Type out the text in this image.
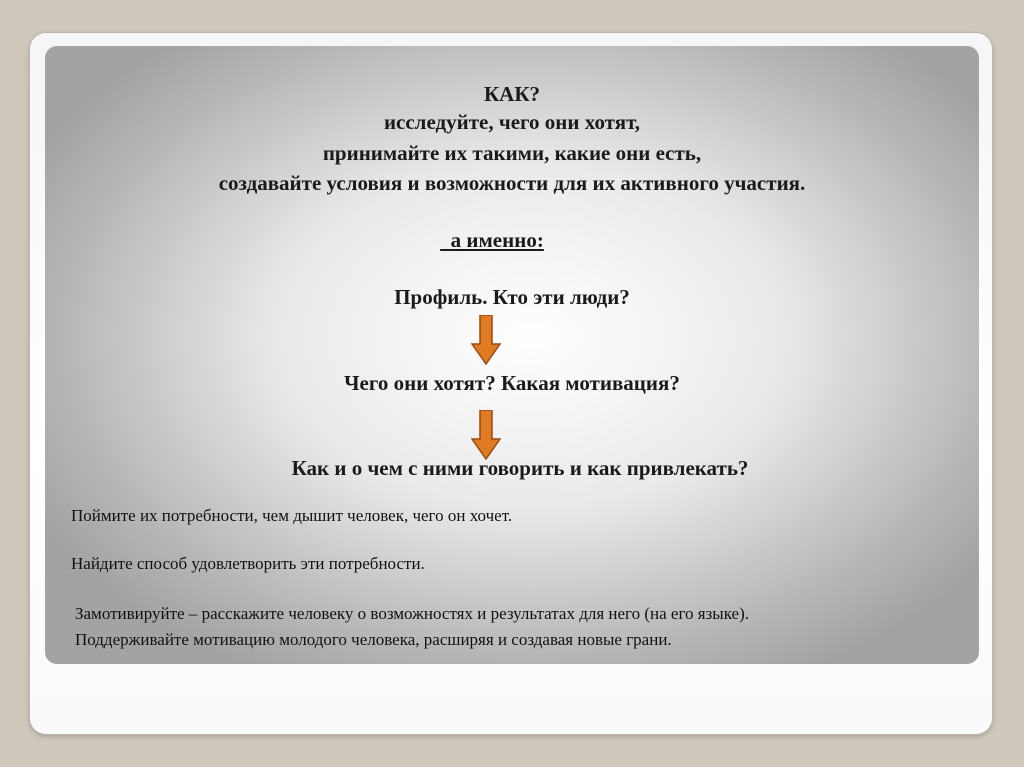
КАК?
исследуйте, чего они хотят,
принимайте их такими, какие они есть,
создавайте условия и возможности для их активного участия.
а именно:
Профиль. Кто эти люди?
Чего они хотят? Какая мотивация?
Как и о чем с ними говорить и как привлекать?
Поймите их потребности, чем дышит человек, чего он хочет.
Найдите способ удовлетворить эти потребности.
Замотивируйте – расскажите человеку о возможностях и результатах для него (на его языке).
Поддерживайте мотивацию молодого человека, расширяя и создавая новые грани.
